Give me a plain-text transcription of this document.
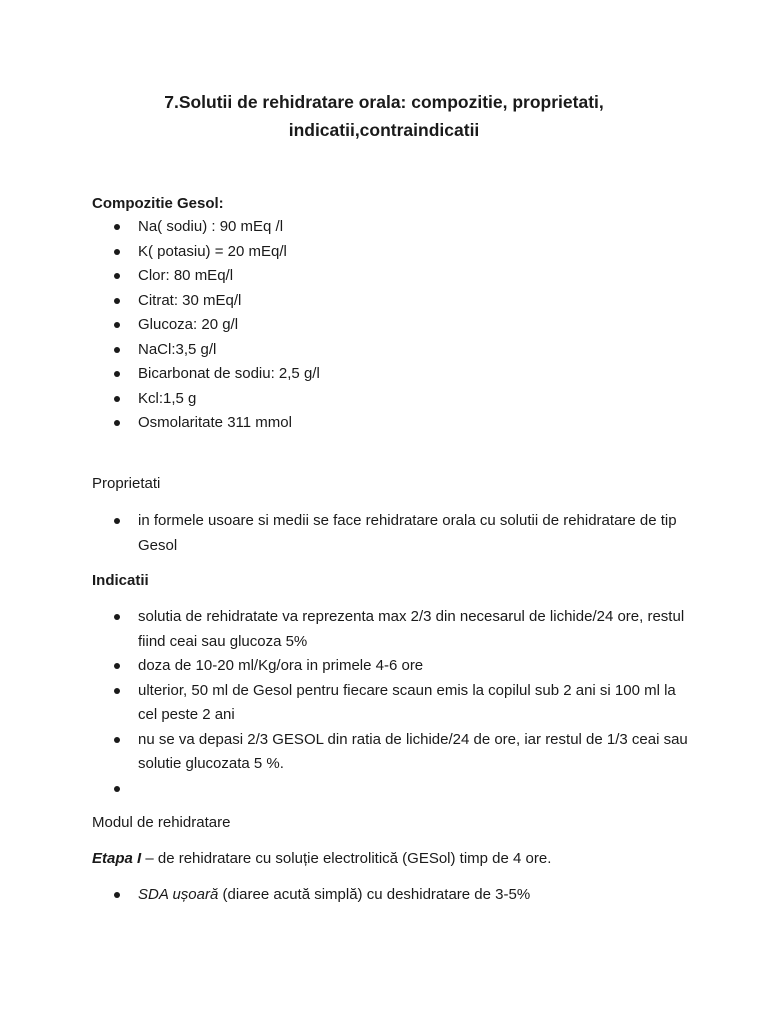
7.Solutii de rehidratare orala: compozitie, proprietati,
indicatii,contraindicatii
Compozitie Gesol:
Na( sodiu) : 90 mEq /l
K( potasiu) = 20 mEq/l
Clor: 80 mEq/l
Citrat: 30 mEq/l
Glucoza: 20 g/l
NaCl:3,5 g/l
Bicarbonat de sodiu: 2,5 g/l
Kcl:1,5 g
Osmolaritate 311 mmol
Proprietati
in formele usoare si medii se face rehidratare orala cu solutii de rehidratare de tip Gesol
Indicatii
solutia de rehidratate va reprezenta max 2/3 din necesarul de lichide/24 ore, restul fiind ceai sau glucoza 5%
doza de 10-20 ml/Kg/ora in primele 4-6 ore
ulterior, 50 ml de Gesol pentru fiecare scaun emis la copilul sub 2 ani si 100 ml la cel peste 2 ani
nu se va depasi 2/3 GESOL din ratia de lichide/24 de ore, iar restul de 1/3 ceai sau solutie glucozata 5 %.
Modul de rehidratare
Etapa I – de rehidratare cu soluție electrolitică (GESol) timp de 4 ore.
SDA ușoară (diaree acută simplă) cu deshidratare de 3-5%
